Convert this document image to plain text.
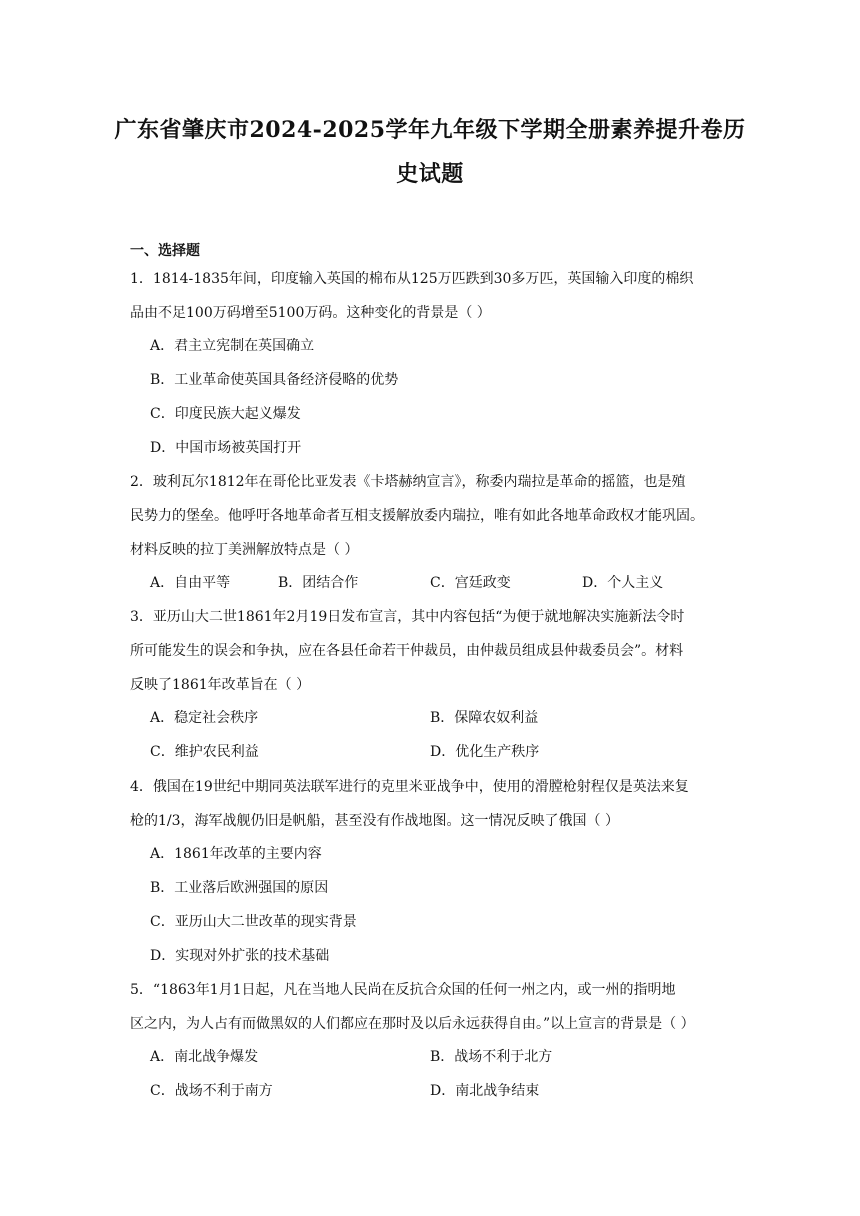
广东省肇庆市2024-2025学年九年级下学期全册素养提升卷历
史试题
一、选择题
1．1814-1835年间，印度输入英国的棉布从125万匹跌到30多万匹，英国输入印度的棉织
品由不足100万码增至5100万码。这种变化的背景是（ ）
A．君主立宪制在英国确立
B．工业革命使英国具备经济侵略的优势
C．印度民族大起义爆发
D．中国市场被英国打开
2．玻利瓦尔1812年在哥伦比亚发表《卡塔赫纳宣言》，称委内瑞拉是革命的摇篮，也是殖
民势力的堡垒。他呼吁各地革命者互相支援解放委内瑞拉，唯有如此各地革命政权才能巩固。
材料反映的拉丁美洲解放特点是（ ）
A．自由平等	B．团结合作	C．宫廷政变	D．个人主义
3．亚历山大二世1861年2月19日发布宣言，其中内容包括“为便于就地解决实施新法令时
所可能发生的误会和争执，应在各县任命若干仲裁员，由仲裁员组成县仲裁委员会”。材料
反映了1861年改革旨在（ ）
A．稳定社会秩序	B．保障农奴利益
C．维护农民利益	D．优化生产秩序
4．俄国在19世纪中期同英法联军进行的克里米亚战争中，使用的滑膛枪射程仅是英法来复
枪的1/3，海军战舰仍旧是帆船，甚至没有作战地图。这一情况反映了俄国（ ）
A．1861年改革的主要内容
B．工业落后欧洲强国的原因
C．亚历山大二世改革的现实背景
D．实现对外扩张的技术基础
5．“1863年1月1日起，凡在当地人民尚在反抗合众国的任何一州之内，或一州的指明地
区之内，为人占有而做黑奴的人们都应在那时及以后永远获得自由。”以上宣言的背景是（ ）
A．南北战争爆发	B．战场不利于北方
C．战场不利于南方	D．南北战争结束
